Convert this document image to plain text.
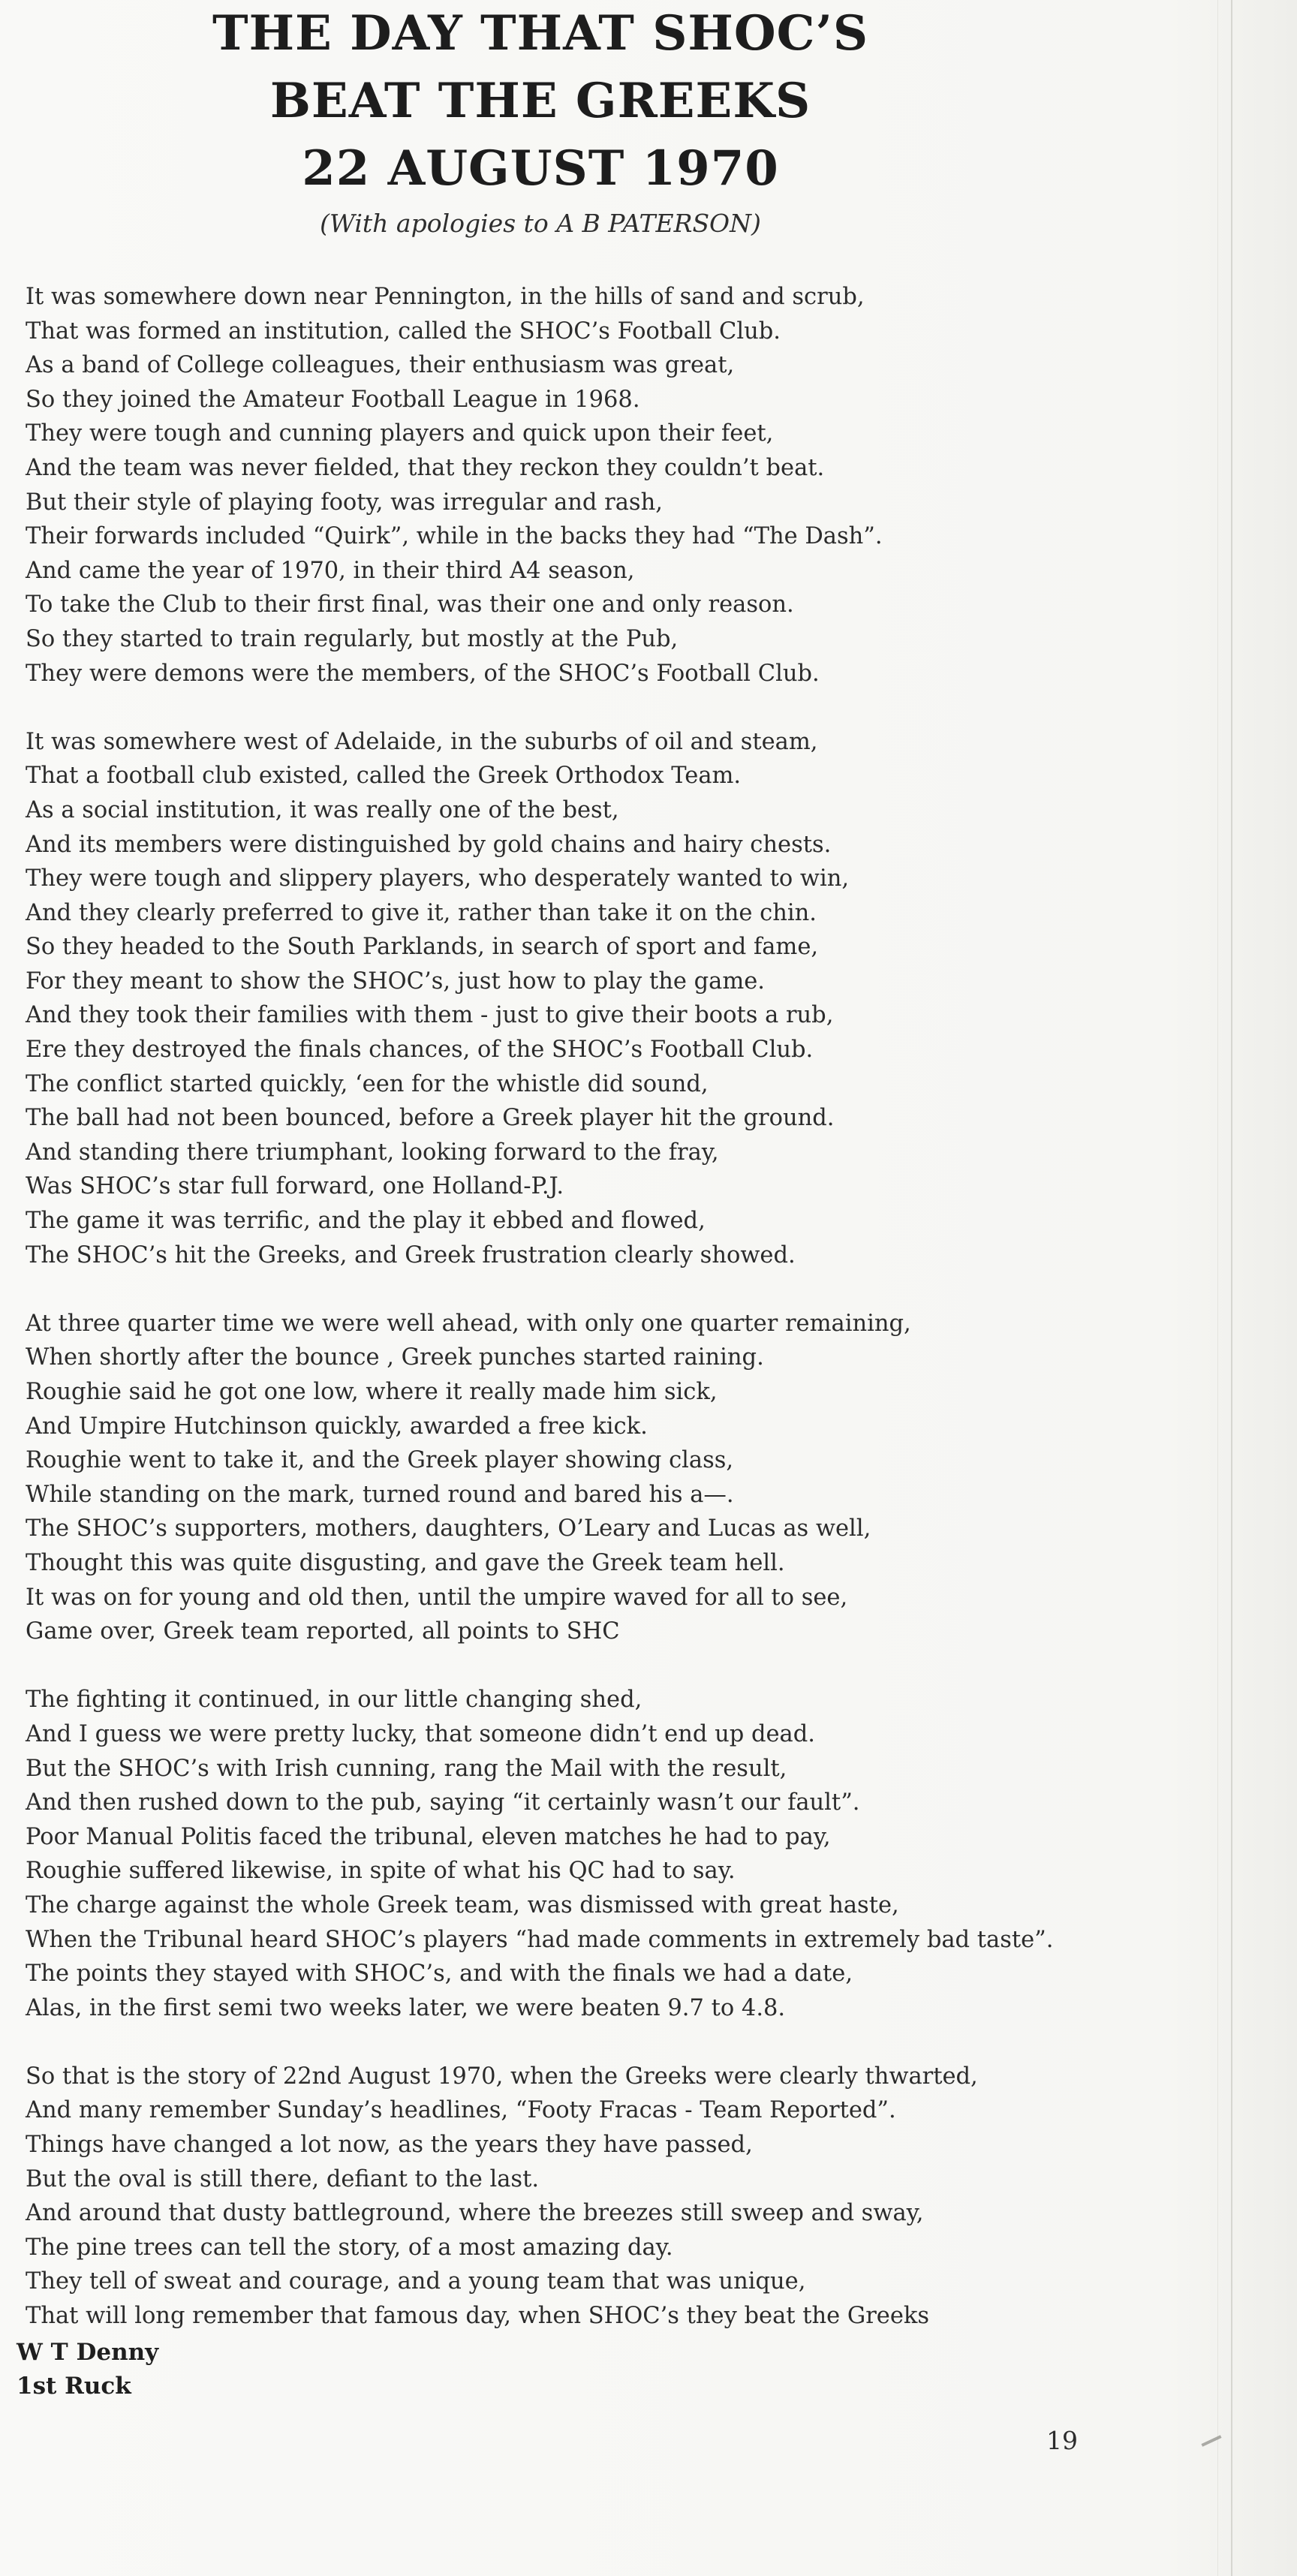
THE DAY THAT SHOC’S
BEAT THE GREEKS
22 AUGUST 1970
(With apologies to A B PATERSON)
It was somewhere down near Pennington, in the hills of sand and scrub,
That was formed an institution, called the SHOC’s Football Club.
As a band of College colleagues, their enthusiasm was great,
So they joined the Amateur Football League in 1968.
They were tough and cunning players and quick upon their feet,
And the team was never fielded, that they reckon they couldn’t beat.
But their style of playing footy, was irregular and rash,
Their forwards included “Quirk”, while in the backs they had “The Dash”.
And came the year of 1970, in their third A4 season,
To take the Club to their first final, was their one and only reason.
So they started to train regularly, but mostly at the Pub,
They were demons were the members, of the SHOC’s Football Club.
It was somewhere west of Adelaide, in the suburbs of oil and steam,
That a football club existed, called the Greek Orthodox Team.
As a social institution, it was really one of the best,
And its members were distinguished by gold chains and hairy chests.
They were tough and slippery players, who desperately wanted to win,
And they clearly preferred to give it, rather than take it on the chin.
So they headed to the South Parklands, in search of sport and fame,
For they meant to show the SHOC’s, just how to play the game.
And they took their families with them - just to give their boots a rub,
Ere they destroyed the finals chances, of the SHOC’s Football Club.
The conflict started quickly, ‘een for the whistle did sound,
The ball had not been bounced, before a Greek player hit the ground.
And standing there triumphant, looking forward to the fray,
Was SHOC’s star full forward, one Holland-P.J.
The game it was terrific, and the play it ebbed and flowed,
The SHOC’s hit the Greeks, and Greek frustration clearly showed.
At three quarter time we were well ahead, with only one quarter remaining,
When shortly after the bounce , Greek punches started raining.
Roughie said he got one low, where it really made him sick,
And Umpire Hutchinson quickly, awarded a free kick.
Roughie went to take it, and the Greek player showing class,
While standing on the mark, turned round and bared his a—.
The SHOC’s supporters, mothers, daughters, O’Leary and Lucas as well,
Thought this was quite disgusting, and gave the Greek team hell.
It was on for young and old then, until the umpire waved for all to see,
Game over, Greek team reported, all points to SHC
The fighting it continued, in our little changing shed,
And I guess we were pretty lucky, that someone didn’t end up dead.
But the SHOC’s with Irish cunning, rang the Mail with the result,
And then rushed down to the pub, saying “it certainly wasn’t our fault”.
Poor Manual Politis faced the tribunal, eleven matches he had to pay,
Roughie suffered likewise, in spite of what his QC had to say.
The charge against the whole Greek team, was dismissed with great haste,
When the Tribunal heard SHOC’s players “had made comments in extremely bad taste”.
The points they stayed with SHOC’s, and with the finals we had a date,
Alas, in the first semi two weeks later, we were beaten 9.7 to 4.8.
So that is the story of 22nd August 1970, when the Greeks were clearly thwarted,
And many remember Sunday’s headlines, “Footy Fracas - Team Reported”.
Things have changed a lot now, as the years they have passed,
But the oval is still there, defiant to the last.
And around that dusty battleground, where the breezes still sweep and sway,
The pine trees can tell the story, of a most amazing day.
They tell of sweat and courage, and a young team that was unique,
That will long remember that famous day, when SHOC’s they beat the Greeks
W T Denny
1st Ruck
19
